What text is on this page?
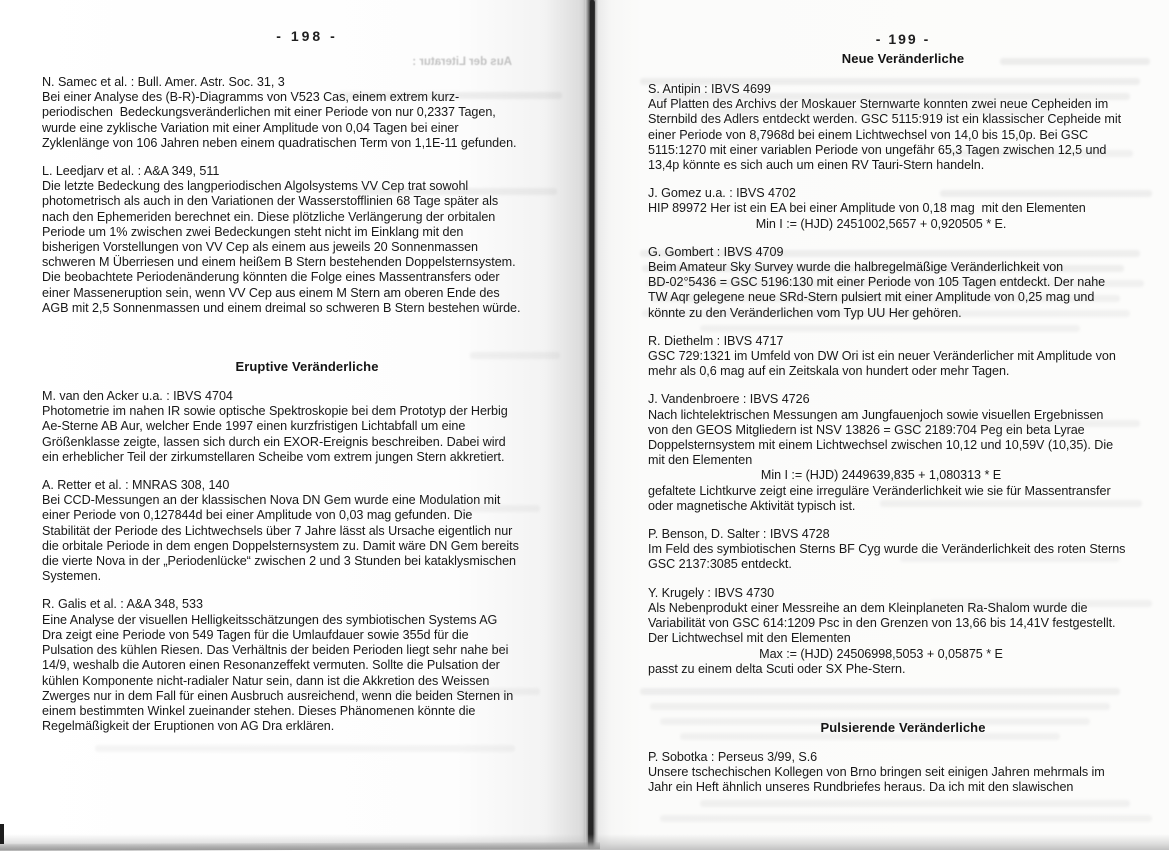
Aus der Literatur :
- 198 -
N. Samec et al. : Bull. Amer. Astr. Soc. 31, 3
Bei einer Analyse des (B-R)-Diagramms von V523 Cas, einem extrem kurz-
periodischen  Bedeckungsveränderlichen mit einer Periode von nur 0,2337 Tagen,
wurde eine zyklische Variation mit einer Amplitude von 0,04 Tagen bei einer
Zyklenlänge von 106 Jahren neben einem quadratischen Term von 1,1E-11 gefunden.
L. Leedjarv et al. : A&A 349, 511
Die letzte Bedeckung des langperiodischen Algolsystems VV Cep trat sowohl
photometrisch als auch in den Variationen der Wasserstofflinien 68 Tage später als
nach den Ephemeriden berechnet ein. Diese plötzliche Verlängerung der orbitalen
Periode um 1% zwischen zwei Bedeckungen steht nicht im Einklang mit den
bisherigen Vorstellungen von VV Cep als einem aus jeweils 20 Sonnenmassen
schweren M Überriesen und einem heißem B Stern bestehenden Doppelsternsystem.
Die beobachtete Periodenänderung könnten die Folge eines Massentransfers oder
einer Masseneruption sein, wenn VV Cep aus einem M Stern am oberen Ende des
AGB mit 2,5 Sonnenmassen und einem dreimal so schweren B Stern bestehen würde.
Eruptive Veränderliche
M. van den Acker u.a. : IBVS 4704
Photometrie im nahen IR sowie optische Spektroskopie bei dem Prototyp der Herbig
Ae-Sterne AB Aur, welcher Ende 1997 einen kurzfristigen Lichtabfall um eine
Größenklasse zeigte, lassen sich durch ein EXOR-Ereignis beschreiben. Dabei wird
ein erheblicher Teil der zirkumstellaren Scheibe vom extrem jungen Stern akkretiert.
A. Retter et al. : MNRAS 308, 140
Bei CCD-Messungen an der klassischen Nova DN Gem wurde eine Modulation mit
einer Periode von 0,127844d bei einer Amplitude von 0,03 mag gefunden. Die
Stabilität der Periode des Lichtwechsels über 7 Jahre lässt als Ursache eigentlich nur
die orbitale Periode in dem engen Doppelsternsystem zu. Damit wäre DN Gem bereits
die vierte Nova in der „Periodenlücke“ zwischen 2 und 3 Stunden bei kataklysmischen
Systemen.
R. Galis et al. : A&A 348, 533
Eine Analyse der visuellen Helligkeitsschätzungen des symbiotischen Systems AG
Dra zeigt eine Periode von 549 Tagen für die Umlaufdauer sowie 355d für die
Pulsation des kühlen Riesen. Das Verhältnis der beiden Perioden liegt sehr nahe bei
14/9, weshalb die Autoren einen Resonanzeffekt vermuten. Sollte die Pulsation der
kühlen Komponente nicht-radialer Natur sein, dann ist die Akkretion des Weissen
Zwerges nur in dem Fall für einen Ausbruch ausreichend, wenn die beiden Sternen in
einem bestimmten Winkel zueinander stehen. Dieses Phänomenen könnte die
Regelmäßigkeit der Eruptionen von AG Dra erklären.
- 199 -
Neue Veränderliche
S. Antipin : IBVS 4699
Auf Platten des Archivs der Moskauer Sternwarte konnten zwei neue Cepheiden im
Sternbild des Adlers entdeckt werden. GSC 5115:919 ist ein klassischer Cepheide mit
einer Periode von 8,7968d bei einem Lichtwechsel von 14,0 bis 15,0p. Bei GSC
5115:1270 mit einer variablen Periode von ungefähr 65,3 Tagen zwischen 12,5 und
13,4p könnte es sich auch um einen RV Tauri-Stern handeln.
J. Gomez u.a. : IBVS 4702
HIP 89972 Her ist ein EA bei einer Amplitude von 0,18 mag  mit den Elementen
Min I := (HJD) 2451002,5657 + 0,920505 * E.
G. Gombert : IBVS 4709
Beim Amateur Sky Survey wurde die halbregelmäßige Veränderlichkeit von
BD-02°5436 = GSC 5196:130 mit einer Periode von 105 Tagen entdeckt. Der nahe
TW Aqr gelegene neue SRd-Stern pulsiert mit einer Amplitude von 0,25 mag und
könnte zu den Veränderlichen vom Typ UU Her gehören.
R. Diethelm : IBVS 4717
GSC 729:1321 im Umfeld von DW Ori ist ein neuer Veränderlicher mit Amplitude von
mehr als 0,6 mag auf ein Zeitskala von hundert oder mehr Tagen.
J. Vandenbroere : IBVS 4726
Nach lichtelektrischen Messungen am Jungfauenjoch sowie visuellen Ergebnissen
von den GEOS Mitgliedern ist NSV 13826 = GSC 2189:704 Peg ein beta Lyrae
Doppelsternsystem mit einem Lichtwechsel zwischen 10,12 und 10,59V (10,35). Die
mit den Elementen
Min I := (HJD) 2449639,835 + 1,080313 * E
gefaltete Lichtkurve zeigt eine irreguläre Veränderlichkeit wie sie für Massentransfer
oder magnetische Aktivität typisch ist.
P. Benson, D. Salter : IBVS 4728
Im Feld des symbiotischen Sterns BF Cyg wurde die Veränderlichkeit des roten Sterns
GSC 2137:3085 entdeckt.
Y. Krugely : IBVS 4730
Als Nebenprodukt einer Messreihe an dem Kleinplaneten Ra-Shalom wurde die
Variabilität von GSC 614:1209 Psc in den Grenzen von 13,66 bis 14,41V festgestellt.
Der Lichtwechsel mit den Elementen
Max := (HJD) 24506998,5053 + 0,05875 * E
passt zu einem delta Scuti oder SX Phe-Stern.
Pulsierende Veränderliche
P. Sobotka : Perseus 3/99, S.6
Unsere tschechischen Kollegen von Brno bringen seit einigen Jahren mehrmals im
Jahr ein Heft ähnlich unseres Rundbriefes heraus. Da ich mit den slawischen
